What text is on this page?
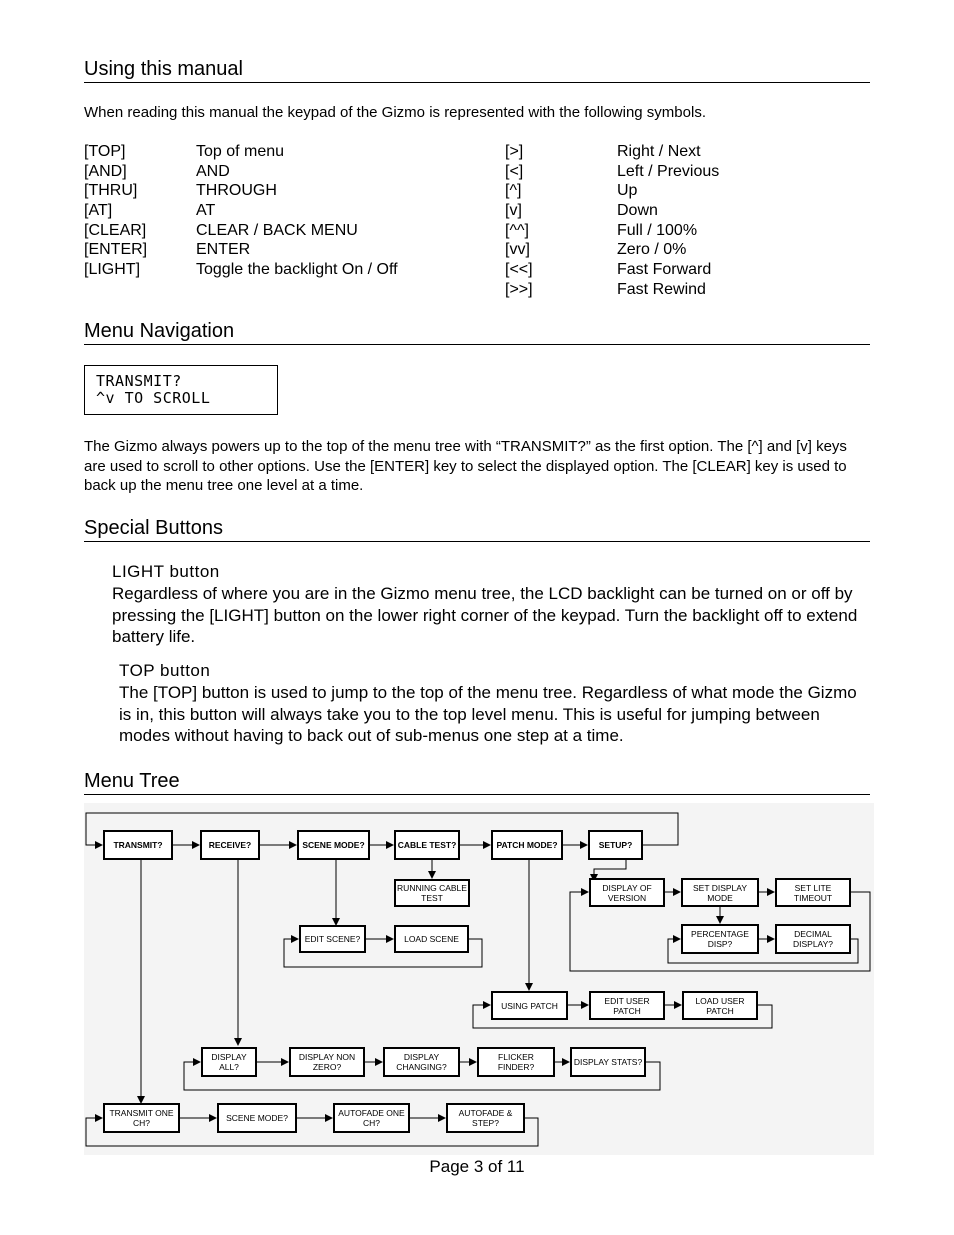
Using this manual
When reading this manual the keypad of the Gizmo is represented with the following symbols.
[TOP]	Top of menu
[AND]	AND
[THRU]	THROUGH
[AT]	AT
[CLEAR]	CLEAR / BACK MENU
[ENTER]	ENTER
[LIGHT]	Toggle the backlight On / Off
[>]	Right / Next
[<]	Left / Previous
[^]	Up
[v]	Down
[^^]	Full / 100%
[vv]	Zero / 0%
[<<]	Fast Forward
[>>]	Fast Rewind
Menu Navigation
TRANSMIT?
^v TO SCROLL
The Gizmo always powers up to the top of the menu tree with “TRANSMIT?” as the first option. The [^] and [v] keys are used to scroll to other options. Use the [ENTER] key to select the displayed option. The [CLEAR] key is used to back up the menu tree one level at a time.
Special Buttons
LIGHT button
Regardless of where you are in the Gizmo menu tree, the LCD backlight can be turned on or off by pressing the [LIGHT] button on the lower right corner of the keypad. Turn the backlight off to extend battery life.
TOP button
The [TOP] button is used to jump to the top of the menu tree. Regardless of what mode the Gizmo is in, this button will always take you to the top level menu. This is useful for jumping between modes without having to back out of sub-menus one step at a time.
Menu Tree
TRANSMIT?	RECEIVE?	SCENE MODE?	CABLE TEST?	PATCH MODE?	SETUP?
RUNNING CABLE TEST
EDIT SCENE?	LOAD SCENE
DISPLAY OF VERSION
SET DISPLAY MODE
SET LITE TIMEOUT
PERCENTAGE DISP?
DECIMAL DISPLAY?
USING PATCH	EDIT USER PATCH
LOAD USER PATCH
DISPLAY ALL?
DISPLAY NON ZERO?
DISPLAY CHANGING?
FLICKER FINDER?	DISPLAY STATS?
TRANSMIT ONE CH?	SCENE MODE?	AUTOFADE ONE CH?
AUTOFADE & STEP?
Page 3 of 11
